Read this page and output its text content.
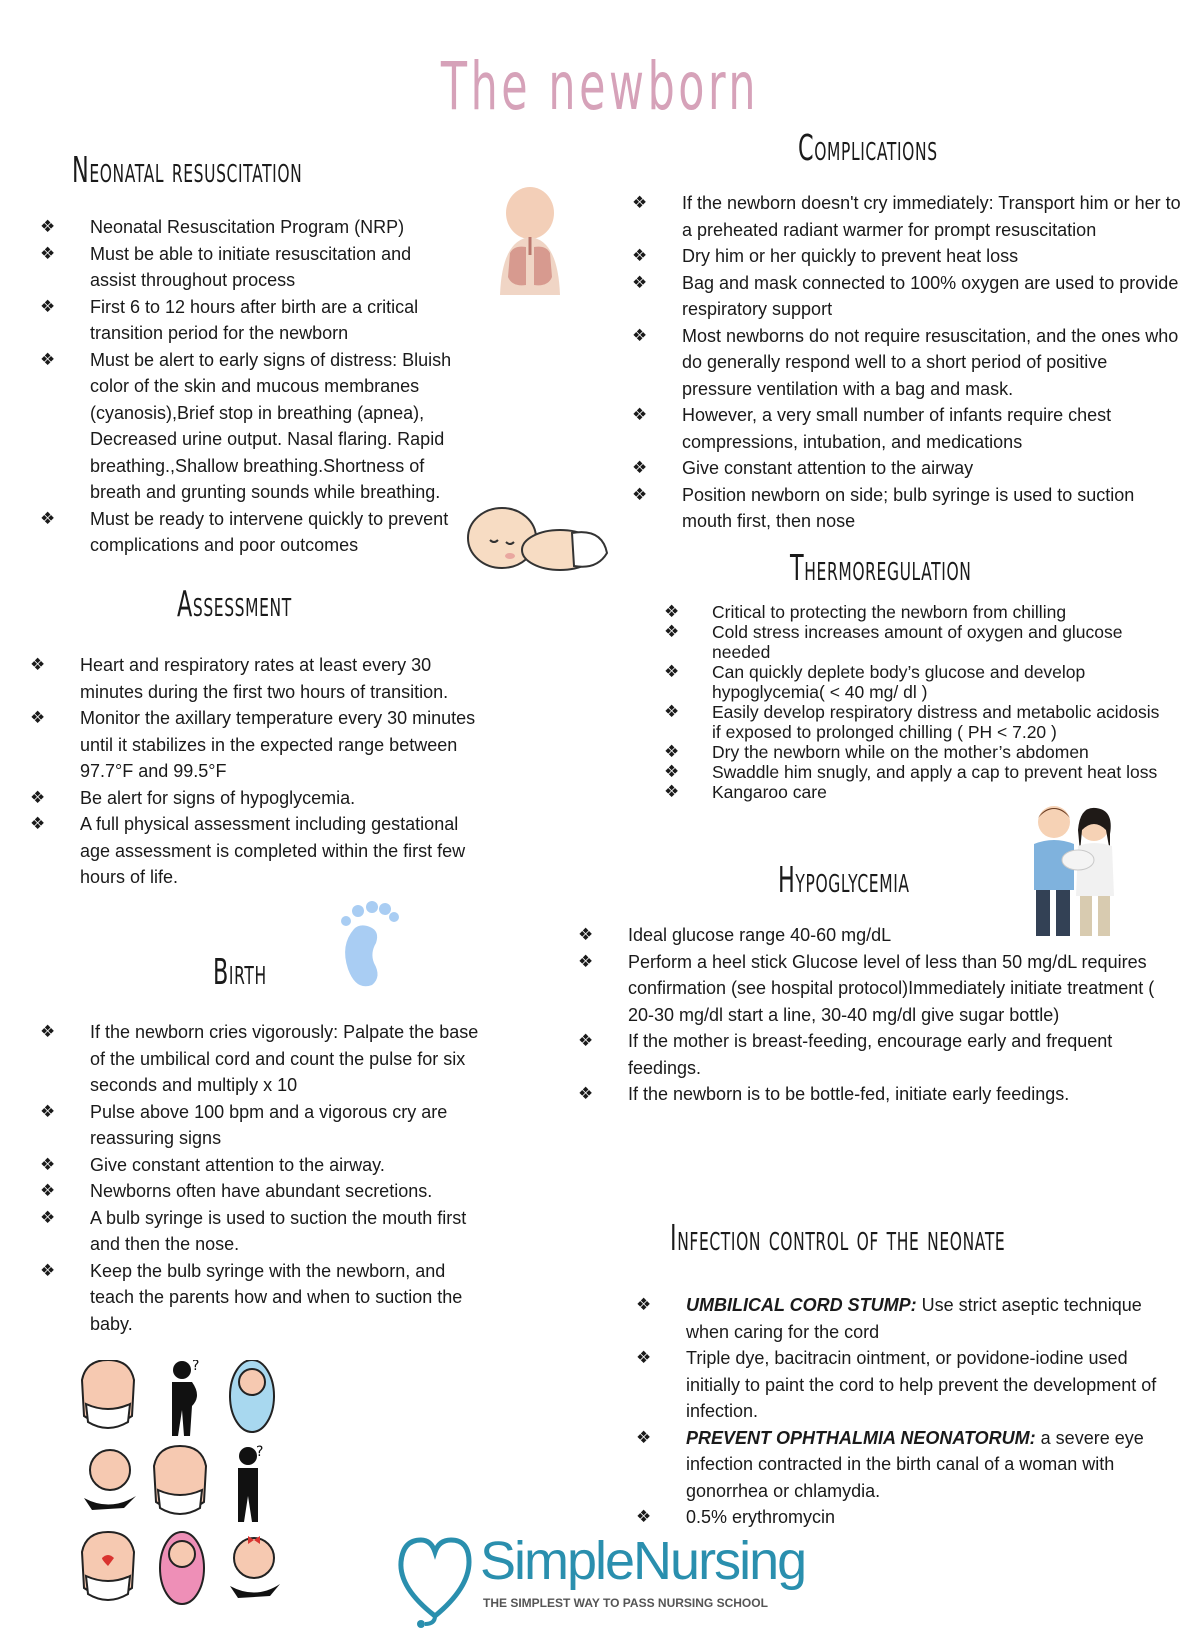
The newborn
Neonatal resuscitation
❖ Neonatal Resuscitation Program (NRP)
❖ Must be able to initiate resuscitation and assist throughout process
❖ First 6 to 12 hours after birth are a critical transition period for the newborn
❖ Must be alert to early signs of distress: Bluish color of the skin and mucous membranes (cyanosis),Brief stop in breathing (apnea), Decreased urine output. Nasal flaring. Rapid breathing.,Shallow breathing.Shortness of breath and grunting sounds while breathing.
❖ Must be ready to intervene quickly to prevent complications and poor outcomes
Assessment
❖ Heart and respiratory rates at least every 30 minutes during the first two hours of transition.
❖ Monitor the axillary temperature every 30 minutes until it stabilizes in the expected range between 97.7°F and 99.5°F
❖ Be alert for signs of hypoglycemia.
❖ A full physical assessment including gestational age assessment is completed within the first few hours of life.
Birth
❖ If the newborn cries vigorously: Palpate the base of the umbilical cord and count the pulse for six seconds and multiply x 10
❖ Pulse above 100 bpm and a vigorous cry are reassuring signs
❖ Give constant attention to the airway.
❖ Newborns often have abundant secretions.
❖ A bulb syringe is used to suction the mouth first and then the nose.
❖ Keep the bulb syringe with the newborn, and teach the parents how and when to suction the baby.
?
?
Complications
❖ If the newborn doesn't cry immediately: Transport him or her to a preheated radiant warmer for prompt resuscitation
❖ Dry him or her quickly to prevent heat loss
❖ Bag and mask connected to 100% oxygen are used to provide respiratory support
❖ Most newborns do not require resuscitation, and the ones who do generally respond well to a short period of positive pressure ventilation with a bag and mask.
❖ However, a very small number of infants require chest compressions, intubation, and medications
❖ Give constant attention to the airway
❖ Position newborn on side; bulb syringe is used to suction mouth first, then nose
Thermoregulation
❖ Critical to protecting the newborn from chilling
❖ Cold stress increases amount of oxygen and glucose needed
❖ Can quickly deplete body’s glucose and develop hypoglycemia( < 40 mg/ dl )
❖ Easily develop respiratory distress and metabolic acidosis if exposed to prolonged chilling ( PH < 7.20 )
❖ Dry the newborn while on the mother’s abdomen
❖ Swaddle him snugly, and apply a cap to prevent heat loss
❖ Kangaroo care
Hypoglycemia
❖ Ideal glucose range 40-60 mg/dL
❖ Perform a heel stick Glucose level of less than 50 mg/dL requires confirmation (see hospital protocol)Immediately initiate treatment ( 20-30 mg/dl start a line, 30-40 mg/dl give sugar bottle)
❖ If the mother is breast-feeding, encourage early and frequent feedings.
❖ If the newborn is to be bottle-fed, initiate early feedings.
Infection control of the neonate
❖ UMBILICAL CORD STUMP: Use strict aseptic technique when caring for the cord
❖ Triple dye, bacitracin ointment, or povidone-iodine used initially to paint the cord to help prevent the development of infection.
❖ PREVENT OPHTHALMIA NEONATORUM: a severe eye infection contracted in the birth canal of a woman with gonorrhea or chlamydia.
❖ 0.5% erythromycin
SimpleNursing
THE SIMPLEST WAY TO PASS NURSING SCHOOL
